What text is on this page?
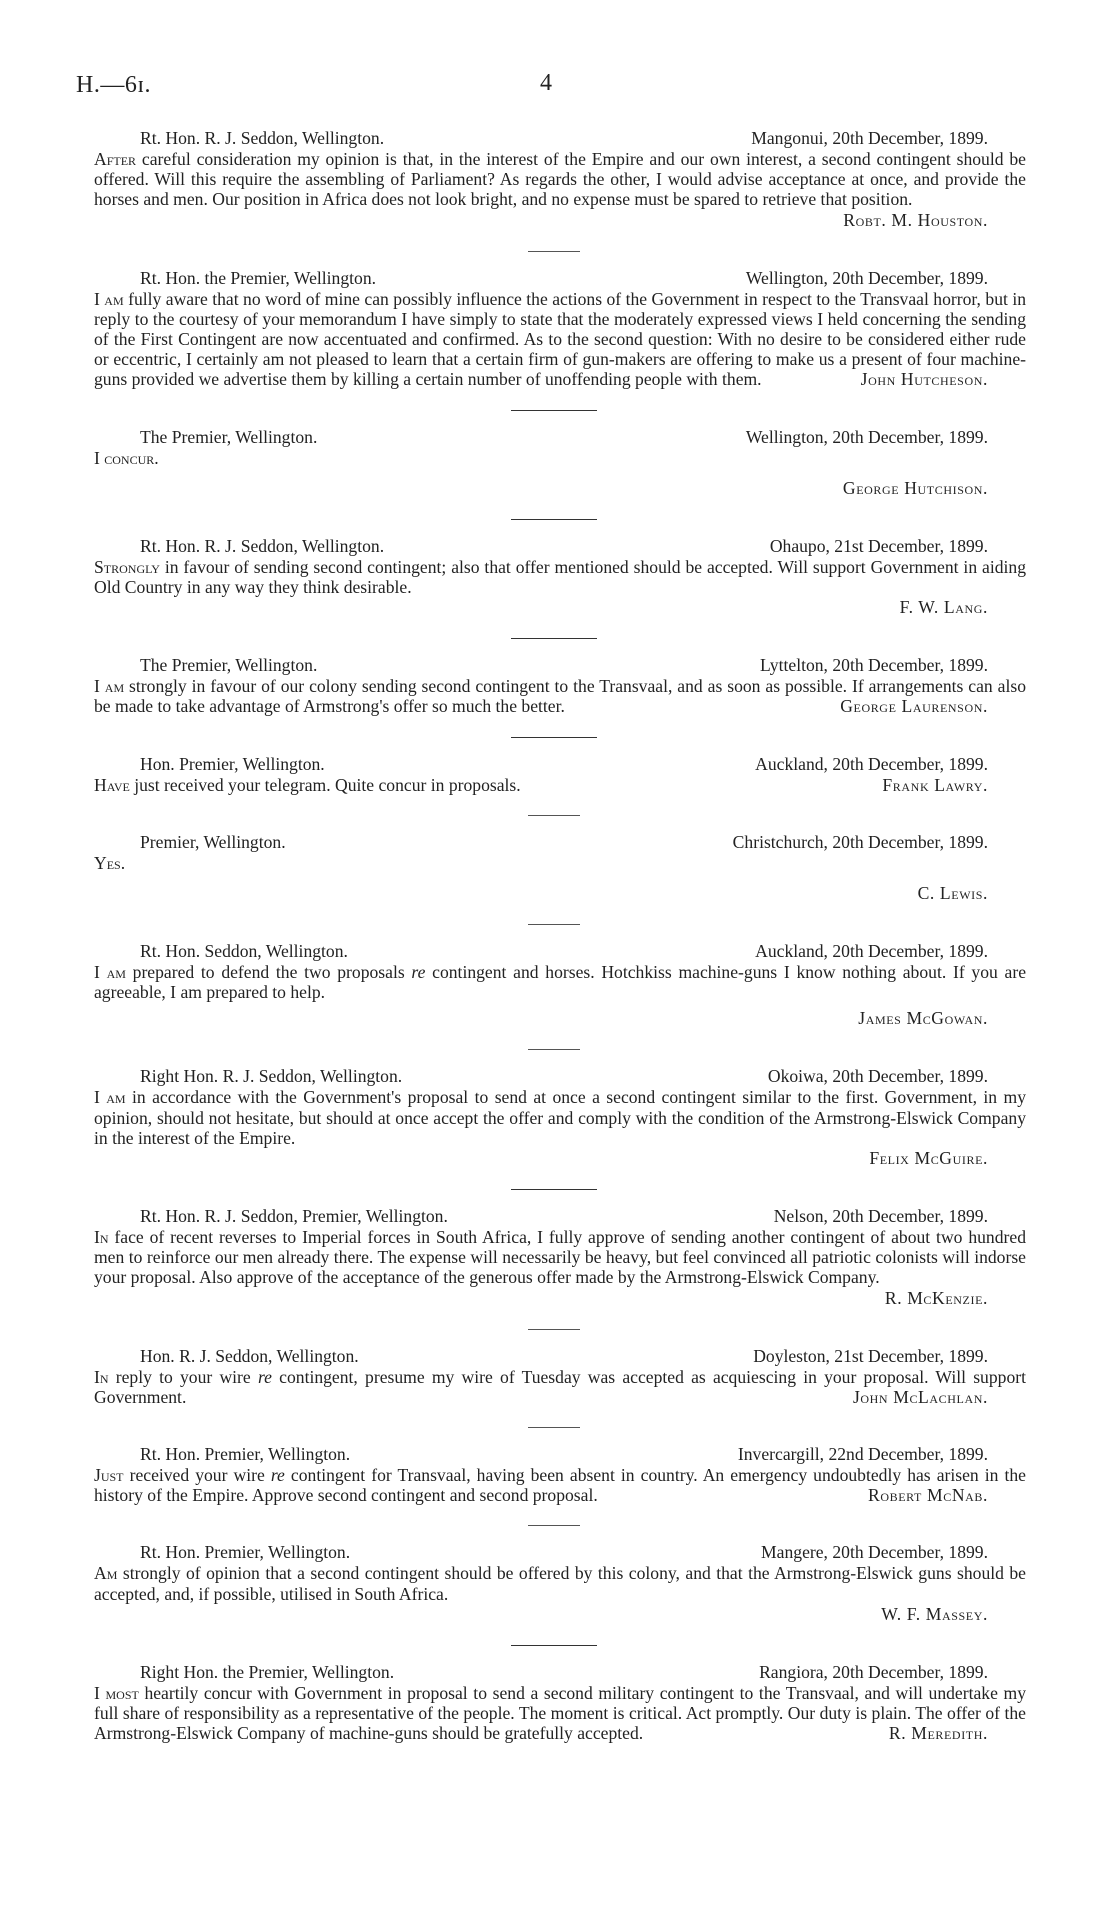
H.—6ɪ.	4
Rt. Hon. R. J. Seddon, Wellington.	Mangonui, 20th December, 1899.

After careful consideration my opinion is that, in the interest of the Empire and our own interest, a second contingent should be offered. Will this require the assembling of Parliament? As regards the other, I would advise acceptance at once, and provide the horses and men. Our position in Africa does not look bright, and no expense must be spared to retrieve that position.

Robt. M. Houston.
Rt. Hon. the Premier, Wellington.	Wellington, 20th December, 1899.

I am fully aware that no word of mine can possibly influence the actions of the Government in respect to the Transvaal horror, but in reply to the courtesy of your memorandum I have simply to state that the moderately expressed views I held concerning the sending of the First Contingent are now accentuated and confirmed. As to the second question: With no desire to be considered either rude or eccentric, I certainly am not pleased to learn that a certain firm of gun-makers are offering to make us a present of four machine-guns provided we advertise them by killing a certain number of unoffending people with them.	John Hutcheson.

The Premier, Wellington.	Wellington, 20th December, 1899.

I concur.

George Hutchison.
Rt. Hon. R. J. Seddon, Wellington.	Ohaupo, 21st December, 1899.

Strongly in favour of sending second contingent; also that offer mentioned should be accepted. Will support Government in aiding Old Country in any way they think desirable.

F. W. Lang.
The Premier, Wellington.	Lyttelton, 20th December, 1899.

I am strongly in favour of our colony sending second contingent to the Transvaal, and as soon as possible. If arrangements can also be made to take advantage of Armstrong's offer so much the better.	George Laurenson.

Hon. Premier, Wellington.	Auckland, 20th December, 1899.

Have just received your telegram. Quite concur in proposals.	Frank Lawry.

Premier, Wellington.	Christchurch, 20th December, 1899.

Yes.

C. Lewis.
Rt. Hon. Seddon, Wellington.	Auckland, 20th December, 1899.

I am prepared to defend the two proposals re contingent and horses. Hotchkiss machine-guns I know nothing about. If you are agreeable, I am prepared to help.

James McGowan.
Right Hon. R. J. Seddon, Wellington.	Okoiwa, 20th December, 1899.

I am in accordance with the Government's proposal to send at once a second contingent similar to the first. Government, in my opinion, should not hesitate, but should at once accept the offer and comply with the condition of the Armstrong-Elswick Company in the interest of the Empire.

Felix McGuire.
Rt. Hon. R. J. Seddon, Premier, Wellington.	Nelson, 20th December, 1899.

In face of recent reverses to Imperial forces in South Africa, I fully approve of sending another contingent of about two hundred men to reinforce our men already there. The expense will necessarily be heavy, but feel convinced all patriotic colonists will indorse your proposal. Also approve of the acceptance of the generous offer made by the Armstrong-Elswick Company.

R. McKenzie.
Hon. R. J. Seddon, Wellington.	Doyleston, 21st December, 1899.

In reply to your wire re contingent, presume my wire of Tuesday was accepted as acquiescing in your proposal. Will support Government.	John McLachlan.

Rt. Hon. Premier, Wellington.	Invercargill, 22nd December, 1899.

Just received your wire re contingent for Transvaal, having been absent in country. An emergency undoubtedly has arisen in the history of the Empire. Approve second contingent and second proposal.	Robert McNab.

Rt. Hon. Premier, Wellington.	Mangere, 20th December, 1899.

Am strongly of opinion that a second contingent should be offered by this colony, and that the Armstrong-Elswick guns should be accepted, and, if possible, utilised in South Africa.

W. F. Massey.
Right Hon. the Premier, Wellington.	Rangiora, 20th December, 1899.

I most heartily concur with Government in proposal to send a second military contingent to the Transvaal, and will undertake my full share of responsibility as a representative of the people. The moment is critical. Act promptly. Our duty is plain. The offer of the Armstrong-Elswick Company of machine-guns should be gratefully accepted.	R. Meredith.
